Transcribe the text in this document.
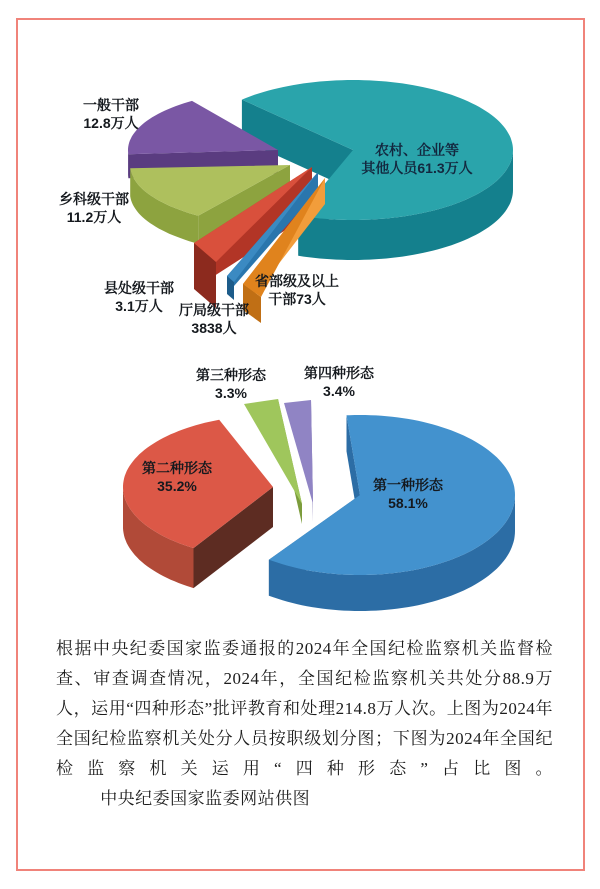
农村、企业等
其他人员61.3万人
一般干部
12.8万人
乡科级干部
11.2万人
县处级干部
3.1万人	厅局级干部
3838人
省部级及以上
干部73人
第一种形态
58.1%
第二种形态
35.2%
第三种形态
3.3%
第四种形态
3.4%

根据中央纪委国家监委通报的2024年全国纪检监察机关监督检查、审查调查情况，2024年，全国纪检监察机关共处分88.9万人，运用“四种形态”批评教育和处理214.8万人次。上图为2024年全国纪检监察机关处分人员按职级划分图；下图为2024年全国纪检监察机关运用“四种形态”占比图。

中央纪委国家监委网站供图
